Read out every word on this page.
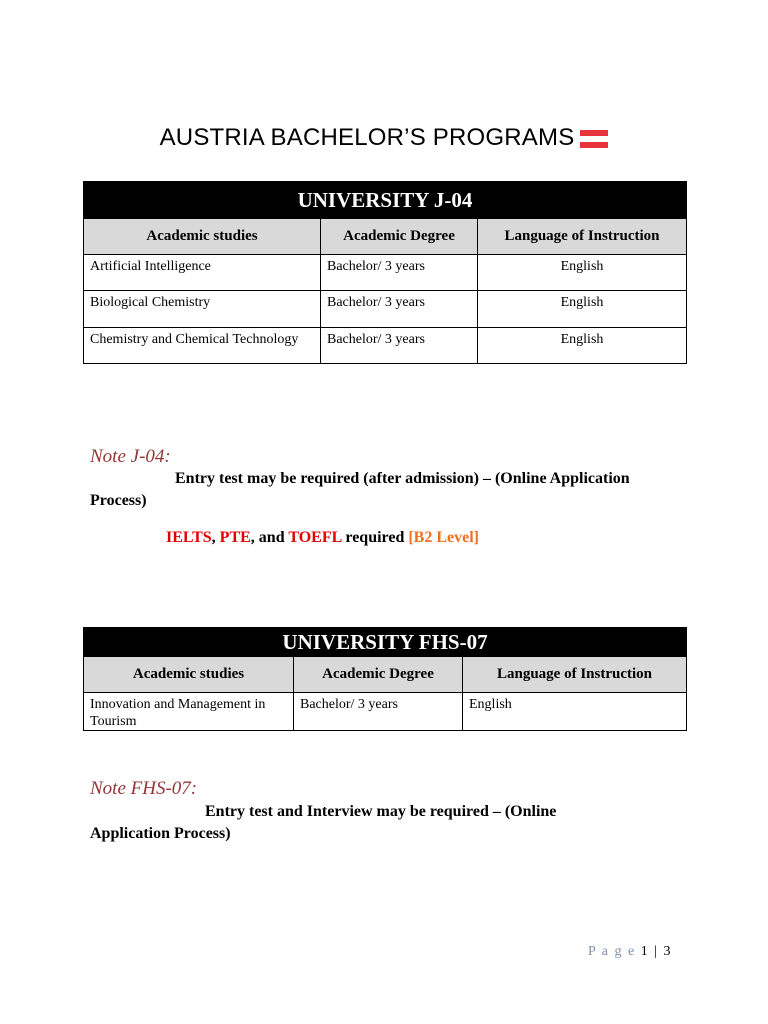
AUSTRIA BACHELOR’S PROGRAMS
UNIVERSITY J-04		
Academic studies	Academic Degree	Language of Instruction
Artificial Intelligence	Bachelor/ 3 years	English
Biological Chemistry	Bachelor/ 3 years	English
Chemistry and Chemical Technology	Bachelor/ 3 years	English
Note J-04:
Entry test may be required (after admission) – (Online Application
Process)
IELTS, PTE, and TOEFL required [B2 Level]
UNIVERSITY FHS-07		
Academic studies	Academic Degree	Language of Instruction
Innovation and Management in Tourism	Bachelor/ 3 years	English
Note FHS-07:
Entry test and Interview may be required – (Online
Application Process)
P a g e 1 | 3
